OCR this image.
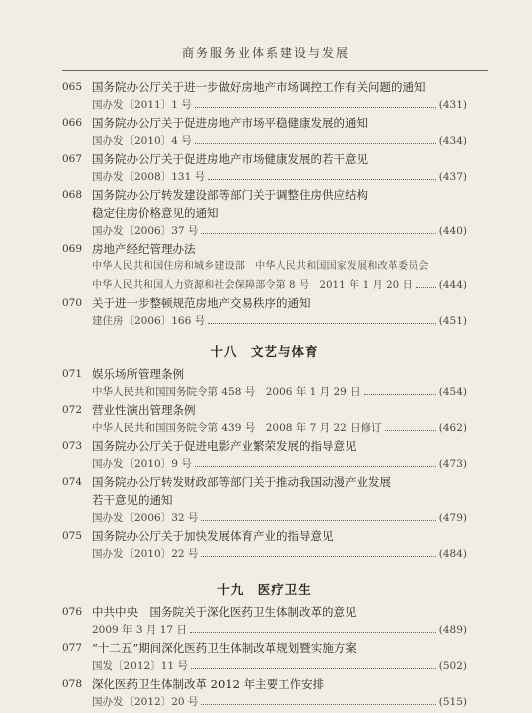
商务服务业体系建设与发展
065 国务院办公厅关于进一步做好房地产市场调控工作有关问题的通知
国办发〔2011〕1 号	(431)
066 国务院办公厅关于促进房地产市场平稳健康发展的通知
国办发〔2010〕4 号	(434)
067 国务院办公厅关于促进房地产市场健康发展的若干意见
国办发〔2008〕131 号	(437)
068 国务院办公厅转发建设部等部门关于调整住房供应结构
稳定住房价格意见的通知
国办发〔2006〕37 号	(440)
069 房地产经纪管理办法
中华人民共和国住房和城乡建设部　中华人民共和国国家发展和改革委员会
中华人民共和国人力资源和社会保障部令第 8 号　2011 年 1 月 20 日 (444)
070 关于进一步整顿规范房地产交易秩序的通知
建住房〔2006〕166 号	(451)
十八　文艺与体育
071 娱乐场所管理条例
中华人民共和国国务院令第 458 号　2006 年 1 月 29 日	(454)
072 营业性演出管理条例
中华人民共和国国务院令第 439 号　2008 年 7 月 22 日修订	(462)
073 国务院办公厅关于促进电影产业繁荣发展的指导意见
国办发〔2010〕9 号	(473)
074 国务院办公厅转发财政部等部门关于推动我国动漫产业发展
若干意见的通知
国办发〔2006〕32 号	(479)
075 国务院办公厅关于加快发展体育产业的指导意见
国办发〔2010〕22 号	(484)
十九　医疗卫生
076 中共中央　国务院关于深化医药卫生体制改革的意见
2009 年 3 月 17 日	(489)
077 “十二五”期间深化医药卫生体制改革规划暨实施方案
国发〔2012〕11 号	(502)
078 深化医药卫生体制改革 2012 年主要工作安排
国办发〔2012〕20 号	(515)
